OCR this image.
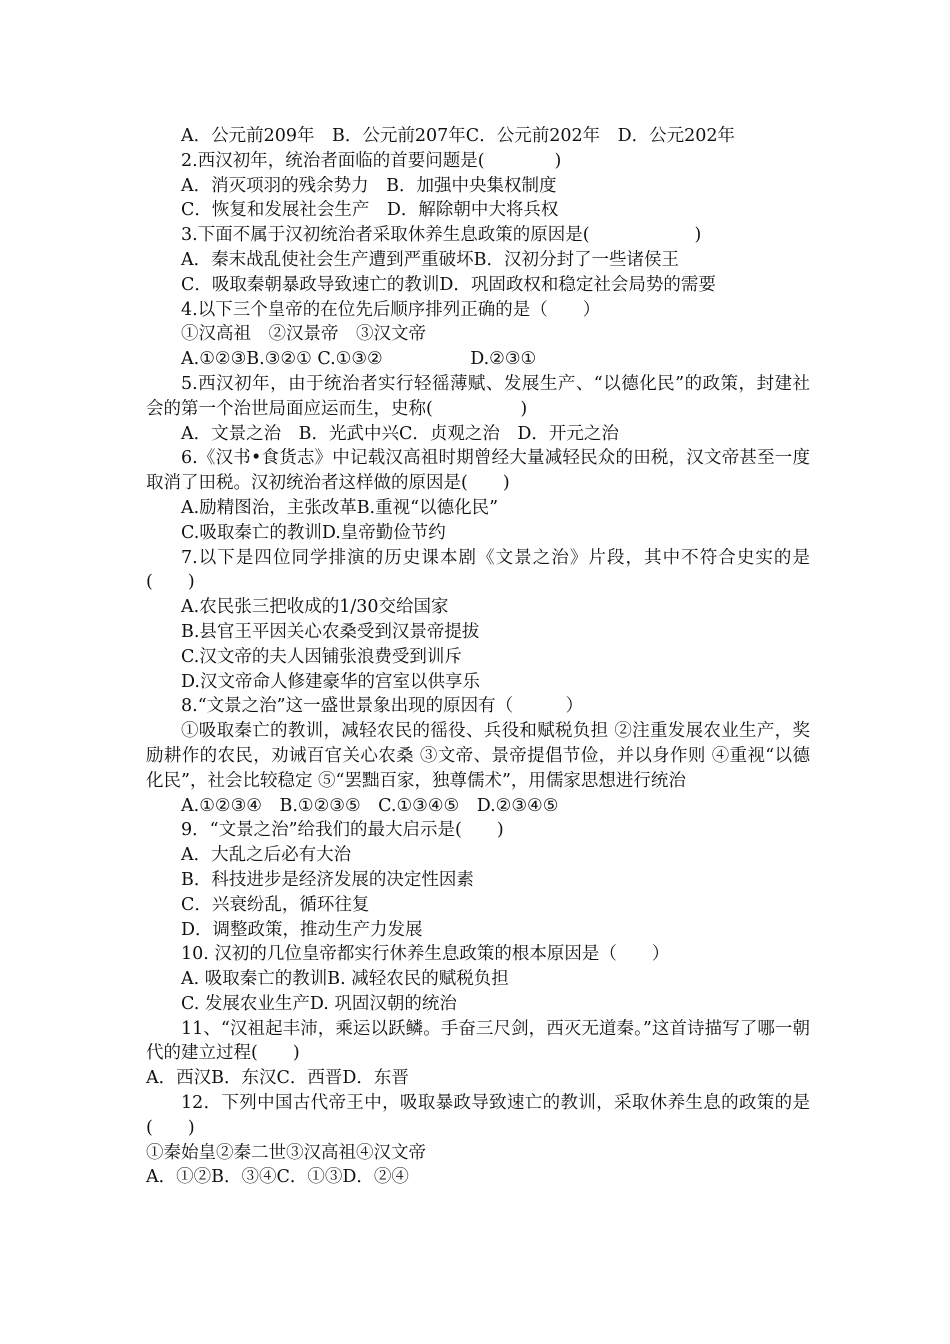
A．公元前209年　B．公元前207年C．公元前202年　D．公元202年
2.西汉初年，统治者面临的首要问题是(　　　　)
A．消灭项羽的残余势力　B．加强中央集权制度
C．恢复和发展社会生产　D．解除朝中大将兵权
3.下面不属于汉初统治者采取休养生息政策的原因是(　　　　　　)
A．秦末战乱使社会生产遭到严重破坏B．汉初分封了一些诸侯王
C．吸取秦朝暴政导致速亡的教训D．巩固政权和稳定社会局势的需要
4.以下三个皇帝的在位先后顺序排列正确的是（　　）
①汉高祖　②汉景帝　③汉文帝
A.①②③B.③②① C.①③②　　　　　D.②③①
5.西汉初年，由于统治者实行轻徭薄赋、发展生产、“以德化民”的政策，封建社会的第一个治世局面应运而生，史称(　　　　　)
A．文景之治　B．光武中兴C．贞观之治　D．开元之治
6.《汉书•食货志》中记载汉高祖时期曾经大量减轻民众的田税，汉文帝甚至一度取消了田税。汉初统治者这样做的原因是(　　)
A.励精图治，主张改革B.重视“以德化民”
C.吸取秦亡的教训D.皇帝勤俭节约
7.以下是四位同学排演的历史课本剧《文景之治》片段，其中不符合史实的是(　　)
A.农民张三把收成的1/30交给国家
B.县官王平因关心农桑受到汉景帝提拔
C.汉文帝的夫人因铺张浪费受到训斥
D.汉文帝命人修建豪华的宫室以供享乐
8.“文景之治”这一盛世景象出现的原因有（　　　）
①吸取秦亡的教训，减轻农民的徭役、兵役和赋税负担 ②注重发展农业生产，奖励耕作的农民，劝诫百官关心农桑 ③文帝、景帝提倡节俭，并以身作则 ④重视“以德化民”，社会比较稳定 ⑤“罢黜百家，独尊儒术”，用儒家思想进行统治
A.①②③④　B.①②③⑤　C.①③④⑤　D.②③④⑤
9．“文景之治”给我们的最大启示是(　　)
A．大乱之后必有大治
B．科技进步是经济发展的决定性因素
C．兴衰纷乱，循环往复
D．调整政策，推动生产力发展
10. 汉初的几位皇帝都实行休养生息政策的根本原因是（　　）
A. 吸取秦亡的教训B. 减轻农民的赋税负担
C. 发展农业生产D. 巩固汉朝的统治
11、“汉祖起丰沛，乘运以跃鳞。手奋三尺剑，西灭无道秦。”这首诗描写了哪一朝代的建立过程(　　)
A．西汉B．东汉C．西晋D．东晋
12．下列中国古代帝王中，吸取暴政导致速亡的教训，采取休养生息的政策的是(　　)
①秦始皇②秦二世③汉高祖④汉文帝
A．①②B．③④C．①③D．②④
